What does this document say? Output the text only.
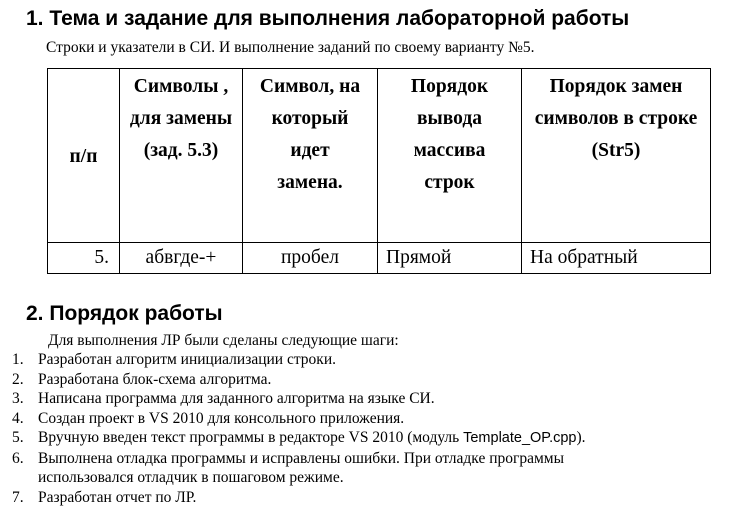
1. Тема и задание для выполнения лабораторной работы
Строки и указатели в СИ. И выполнение заданий по своему варианту №5.
п/п	Символы , для замены (зад. 5.3)	Символ, на который идет замена.	Порядок вывода массива строк	Порядок замен символов в строке (Str5)

5.	абвгде-+	пробел	Прямой	На обратный
2. Порядок работы
Для выполнения ЛР были сделаны следующие шаги:
1. Разработан алгоритм инициализации строки.
2. Разработана блок-схема алгоритма.
3. Написана программа для заданного алгоритма на языке СИ.
4. Создан проект в VS 2010 для консольного приложения.
5. Вручную введен текст программы в редакторе VS 2010 (модуль Template_OP.cpp).
6. Выполнена отладка программы и исправлены ошибки. При отладке программы
использовался отладчик в пошаговом режиме.
7. Разработан отчет по ЛР.
